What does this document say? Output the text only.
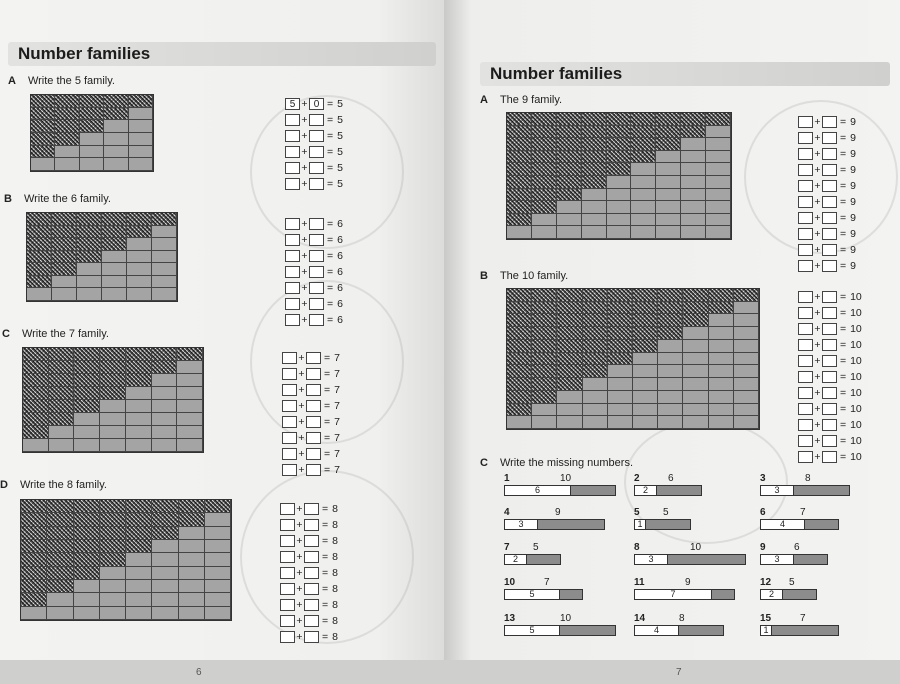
Number families
A Write the 5 family.
5 + 0 = 5
+ = 5
+ = 5
+ = 5
+ = 5
+ = 5
B Write the 6 family.
+ = 6
+ = 6
+ = 6
+ = 6
+ = 6
+ = 6
+ = 6
C Write the 7 family.
+ = 7
+ = 7
+ = 7
+ = 7
+ = 7
+ = 7
+ = 7
+ = 7
D Write the 8 family.
+ = 8
+ = 8
+ = 8
+ = 8
+ = 8
+ = 8
+ = 8
+ = 8
+ = 8
6
Number families
A The 9 family.
+ = 9
+ = 9
+ = 9
+ = 9
+ = 9
+ = 9
+ = 9
+ = 9
+ = 9
+ = 9
B The 10 family.
+ = 10
+ = 10
+ = 10
+ = 10
+ = 10
+ = 10
+ = 10
+ = 10
+ = 10
+ = 10
+ = 10
C Write the missing numbers.
1	10
6
2	6
2
3	8
3
4	9
3
5 5
1
6	7
4
7 5
2
8	10
3
9	6
3
10	7
5
11	9
7
12 5
2
13	10
5
14	8
4
15	7
1
7
